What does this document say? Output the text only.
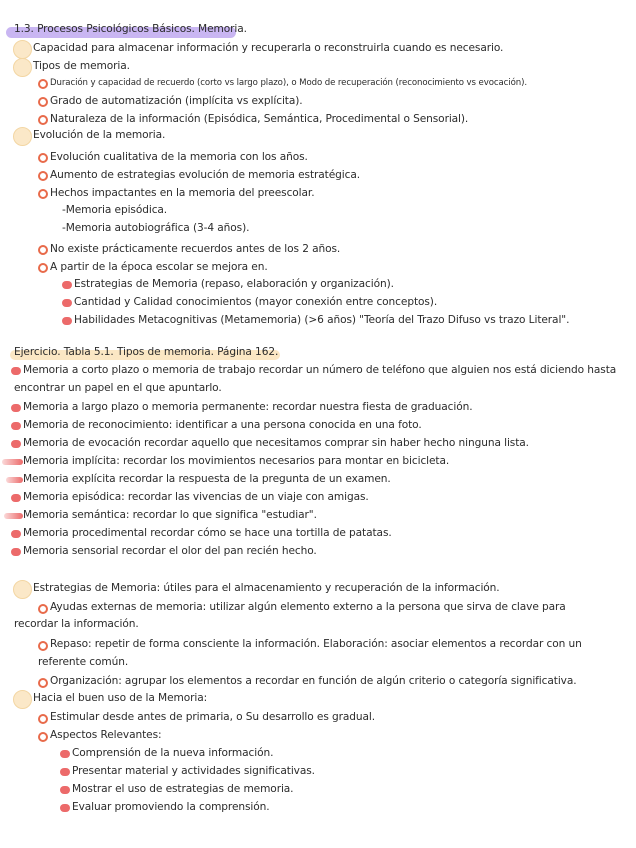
1.3. Procesos Psicológicos Básicos. Memoria.
Capacidad para almacenar información y recuperarla o reconstruirla cuando es necesario.
Tipos de memoria.
Duración y capacidad de recuerdo (corto vs largo plazo), o Modo de recuperación (reconocimiento vs evocación).
Grado de automatización (implícita vs explícita).
Naturaleza de la información (Episódica, Semántica, Procedimental o Sensorial).
Evolución de la memoria.
Evolución cualitativa de la memoria con los años.
Aumento de estrategias evolución de memoria estratégica.
Hechos impactantes en la memoria del preescolar.
-Memoria episódica.
-Memoria autobiográfica (3-4 años).
No existe prácticamente recuerdos antes de los 2 años.
A partir de la época escolar se mejora en.
Estrategias de Memoria (repaso, elaboración y organización).
Cantidad y Calidad conocimientos (mayor conexión entre conceptos).
Habilidades Metacognitivas (Metamemoria) (>6 años) "Teoría del Trazo Difuso vs trazo Literal".
Ejercicio. Tabla 5.1. Tipos de memoria. Página 162.
Memoria a corto plazo o memoria de trabajo recordar un número de teléfono que alguien nos está diciendo hasta
encontrar un papel en el que apuntarlo.
Memoria a largo plazo o memoria permanente: recordar nuestra fiesta de graduación.
Memoria de reconocimiento: identificar a una persona conocida en una foto.
Memoria de evocación recordar aquello que necesitamos comprar sin haber hecho ninguna lista.
Memoria implícita: recordar los movimientos necesarios para montar en bicicleta.
Memoria explícita recordar la respuesta de la pregunta de un examen.
Memoria episódica: recordar las vivencias de un viaje con amigas.
Memoria semántica: recordar lo que significa "estudiar".
Memoria procedimental recordar cómo se hace una tortilla de patatas.
Memoria sensorial recordar el olor del pan recién hecho.
Estrategias de Memoria: útiles para el almacenamiento y recuperación de la información.
Ayudas externas de memoria: utilizar algún elemento externo a la persona que sirva de clave para
recordar la información.
Repaso: repetir de forma consciente la información. Elaboración: asociar elementos a recordar con un
referente común.
Organización: agrupar los elementos a recordar en función de algún criterio o categoría significativa.
Hacia el buen uso de la Memoria:
Estimular desde antes de primaria, o Su desarrollo es gradual.
Aspectos Relevantes:
Comprensión de la nueva información.
Presentar material y actividades significativas.
Mostrar el uso de estrategias de memoria.
Evaluar promoviendo la comprensión.
